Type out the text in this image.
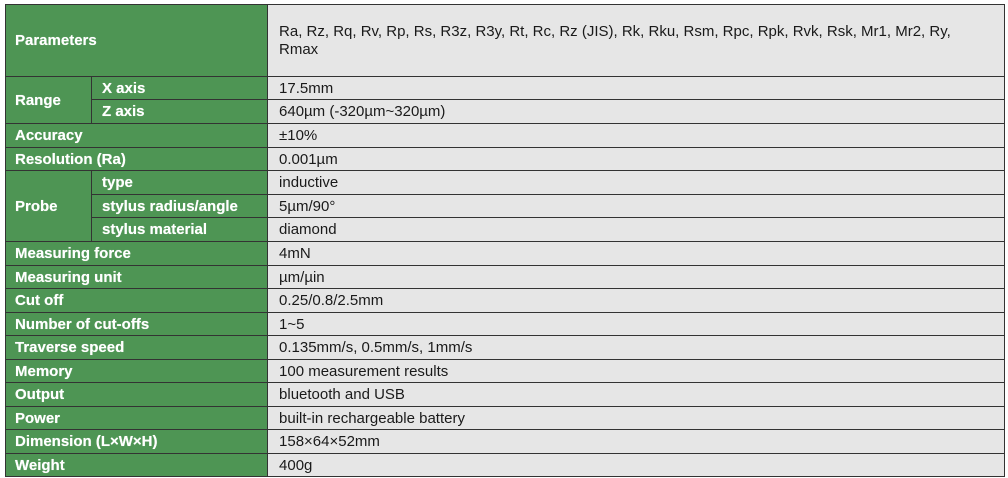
Parameters		Ra, Rz, Rq, Rv, Rp, Rs, R3z, R3y, Rt, Rc, Rz (JIS), Rk, Rku, Rsm, Rpc, Rpk, Rvk, Rsk, Mr1, Mr2, Ry, Rmax
Range	X axis	17.5mm
	Z axis	640µm (-320µm~320µm)
Accuracy		±10%
Resolution (Ra)		0.001µm
Probe	type	inductive
	stylus radius/angle	5µm/90°
	stylus material	diamond
Measuring force		4mN
Measuring unit		µm/µin
Cut off		0.25/0.8/2.5mm
Number of cut-offs		1~5
Traverse speed		0.135mm/s, 0.5mm/s, 1mm/s
Memory		100 measurement results
Output		bluetooth and USB
Power		built-in rechargeable battery
Dimension (L×W×H)		158×64×52mm
Weight		400g
